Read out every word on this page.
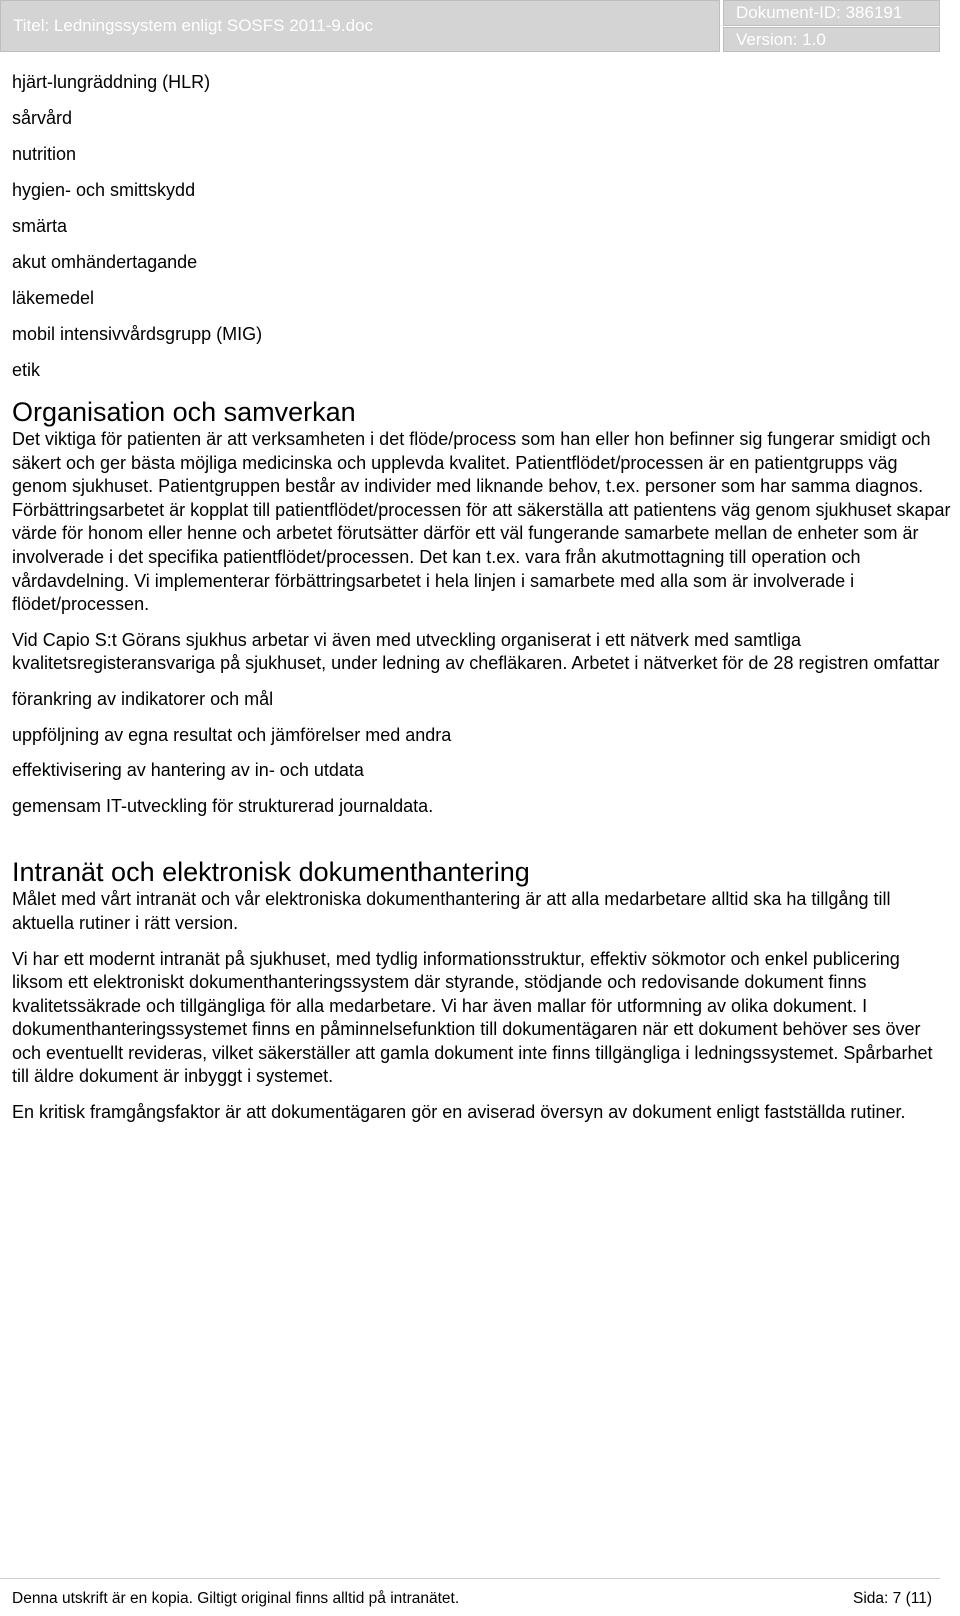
Titel: Ledningssystem enligt SOSFS 2011-9.doc
Dokument-ID: 386191
Version: 1.0
hjärt-lungräddning (HLR)
sårvård
nutrition
hygien- och smittskydd
smärta
akut omhändertagande
läkemedel
mobil intensivvårdsgrupp (MIG)
etik
Organisation och samverkan

Det viktiga för patienten är att verksamheten i det flöde/process som han eller hon befinner sig fungerar smidigt och säkert och ger bästa möjliga medicinska och upplevda kvalitet. Patientflödet/processen är en patientgrupps väg genom sjukhuset. Patientgruppen består av individer med liknande behov, t.ex. personer som har samma diagnos. Förbättringsarbetet är kopplat till patientflödet/processen för att säkerställa att patientens väg genom sjukhuset skapar värde för honom eller henne och arbetet förutsätter därför ett väl fungerande samarbete mellan de enheter som är involverade i det specifika patientflödet/processen. Det kan t.ex. vara från akutmottagning till operation och vårdavdelning. Vi implementerar förbättringsarbetet i hela linjen i samarbete med alla som är involverade i flödet/processen.

Vid Capio S:t Görans sjukhus arbetar vi även med utveckling organiserat i ett nätverk med samtliga kvalitetsregisteransvariga på sjukhuset, under ledning av chefläkaren. Arbetet i nätverket för de 28 registren omfattar

förankring av indikatorer och mål
uppföljning av egna resultat och jämförelser med andra
effektivisering av hantering av in- och utdata
gemensam IT-utveckling för strukturerad journaldata.
Intranät och elektronisk dokumenthantering

Målet med vårt intranät och vår elektroniska dokumenthantering är att alla medarbetare alltid ska ha tillgång till aktuella rutiner i rätt version.

Vi har ett modernt intranät på sjukhuset, med tydlig informationsstruktur, effektiv sökmotor och enkel publicering liksom ett elektroniskt dokumenthanteringssystem där styrande, stödjande och redovisande dokument finns kvalitetssäkrade och tillgängliga för alla medarbetare. Vi har även mallar för utformning av olika dokument. I dokumenthanteringssystemet finns en påminnelsefunktion till dokumentägaren när ett dokument behöver ses över och eventuellt revideras, vilket säkerställer att gamla dokument inte finns tillgängliga i ledningssystemet. Spårbarhet till äldre dokument är inbyggt i systemet.

En kritisk framgångsfaktor är att dokumentägaren gör en aviserad översyn av dokument enligt fastställda rutiner.

Denna utskrift är en kopia. Giltigt original finns alltid på intranätet.	Sida: 7 (11)
